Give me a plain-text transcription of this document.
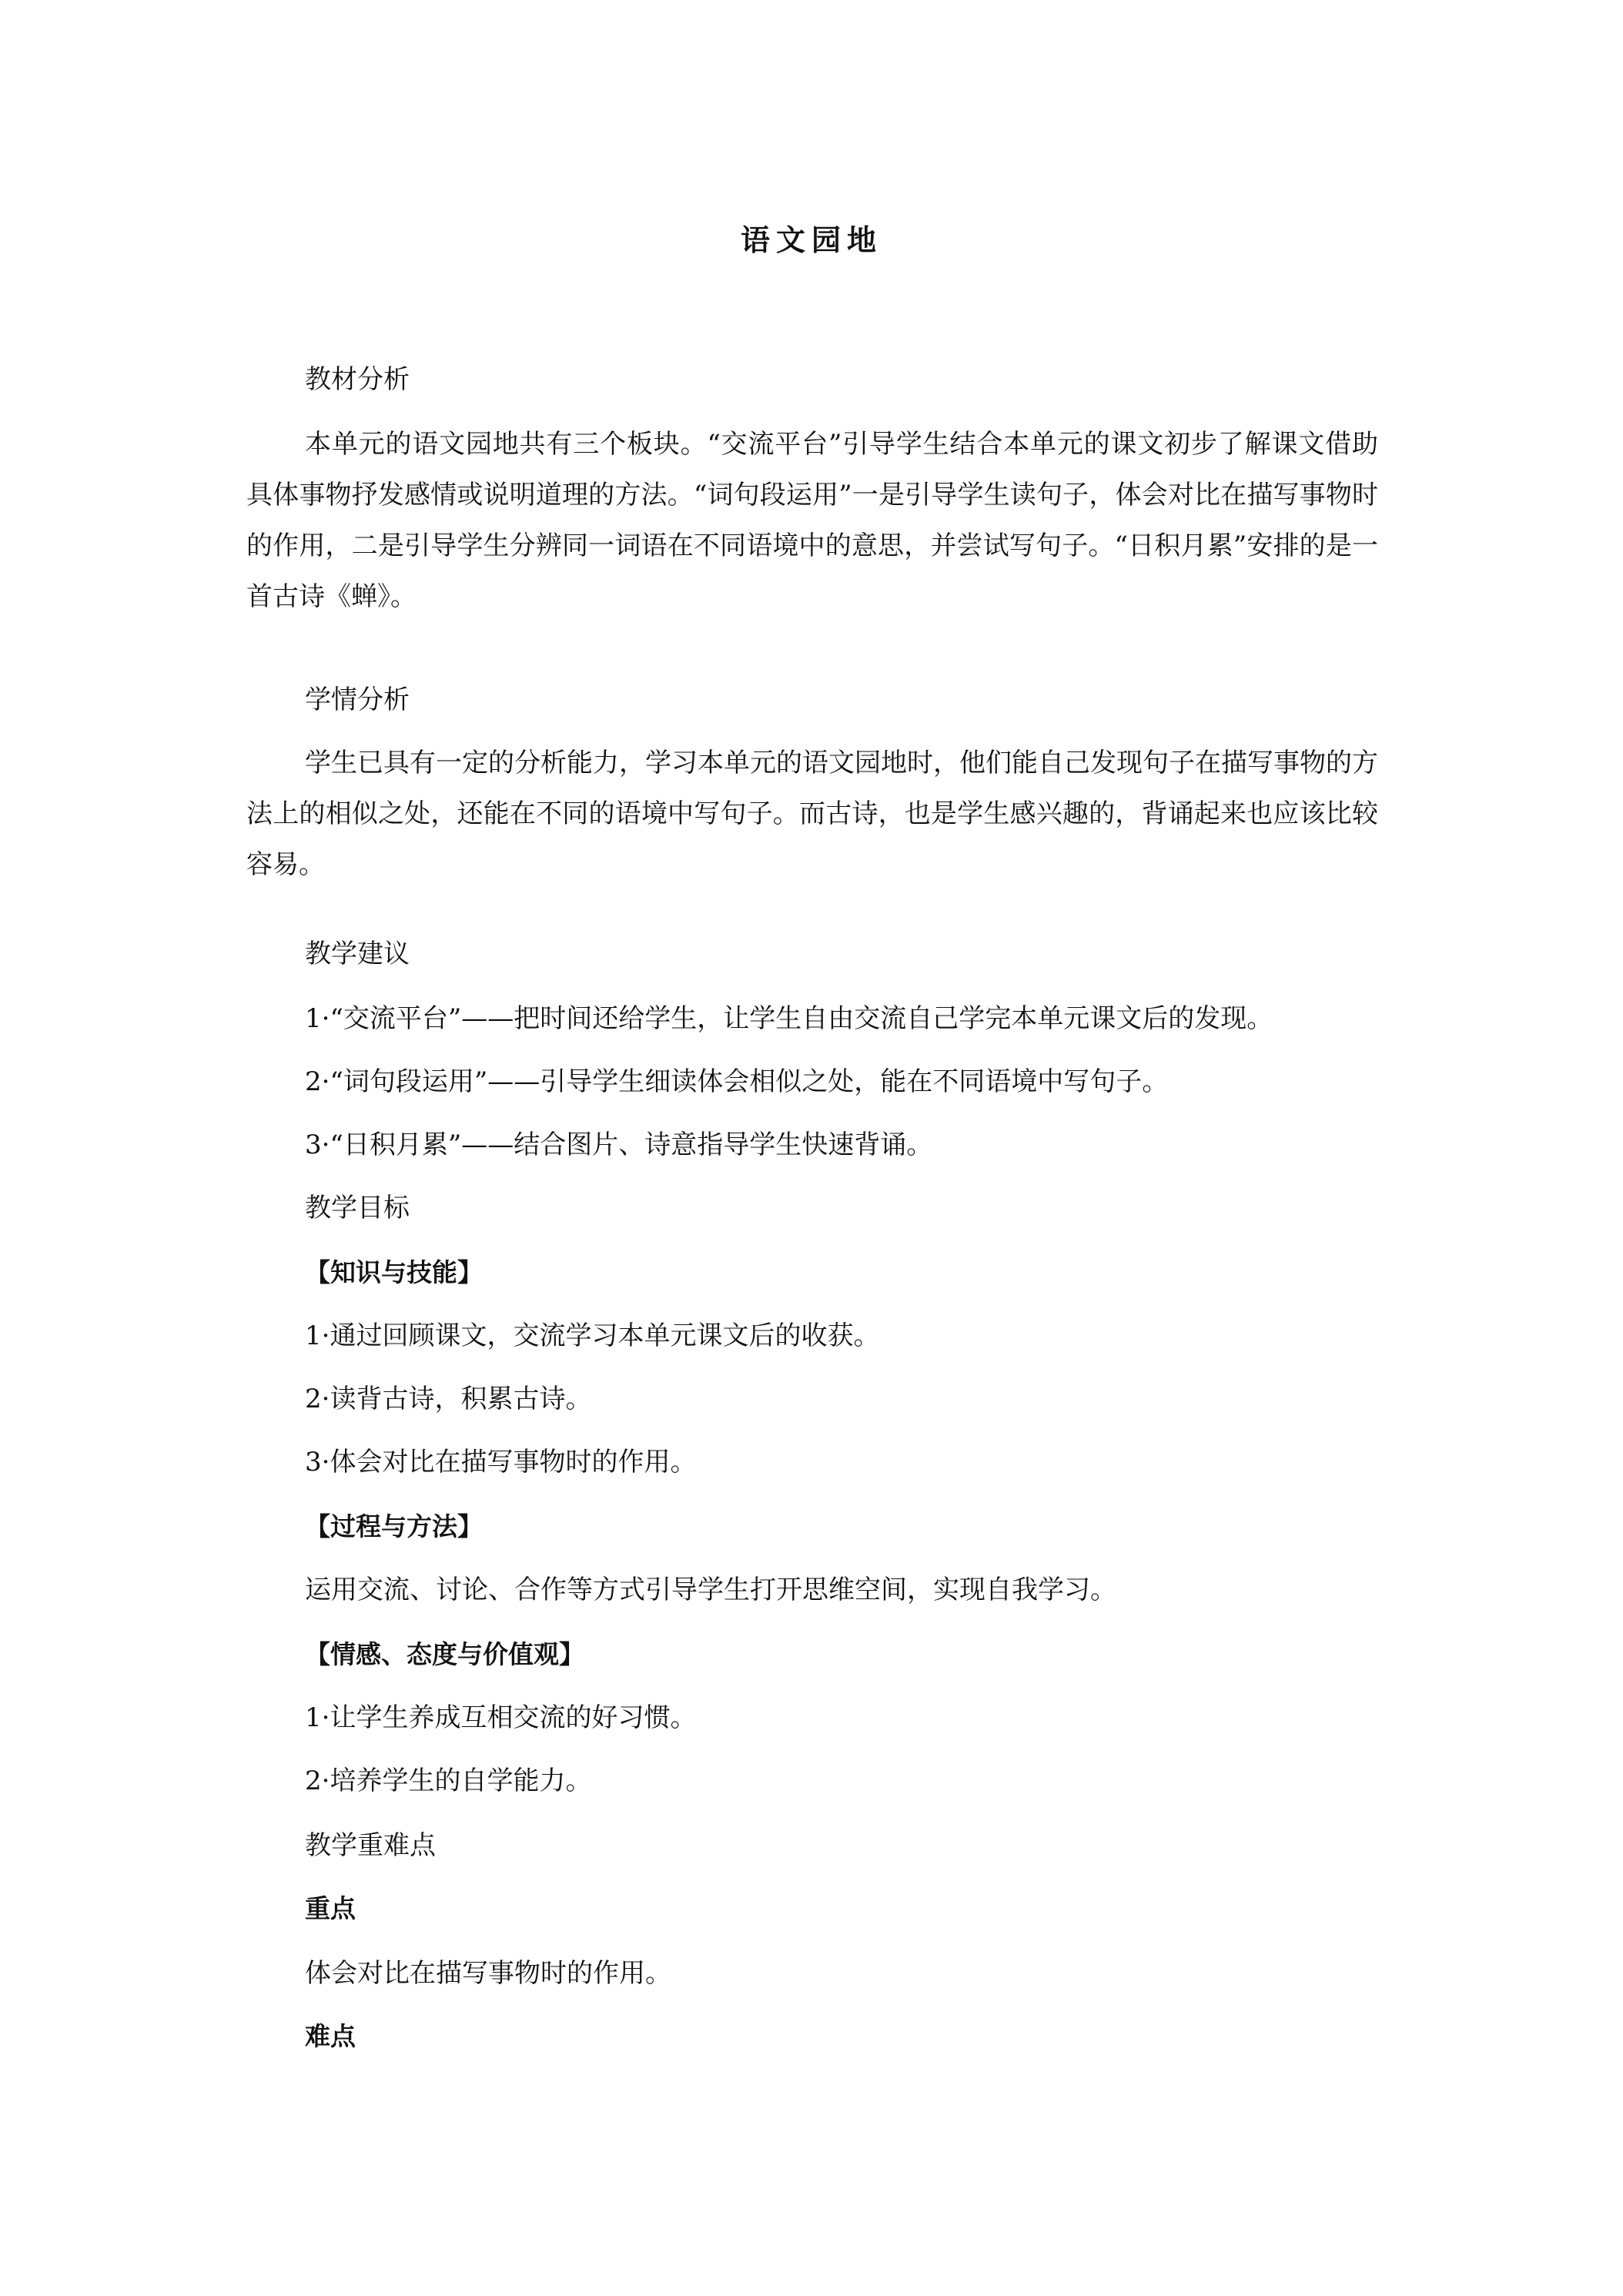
语文园地
教材分析
本单元的语文园地共有三个板块。“交流平台”引导学生结合本单元的课文初步了解课文借助具体事物抒发感情或说明道理的方法。“词句段运用”一是引导学生读句子，体会对比在描写事物时的作用，二是引导学生分辨同一词语在不同语境中的意思，并尝试写句子。“日积月累”安排的是一首古诗《蝉》。
学情分析
学生已具有一定的分析能力，学习本单元的语文园地时，他们能自己发现句子在描写事物的方法上的相似之处，还能在不同的语境中写句子。而古诗，也是学生感兴趣的，背诵起来也应该比较容易。
教学建议
1·“交流平台”——把时间还给学生，让学生自由交流自己学完本单元课文后的发现。
2·“词句段运用”——引导学生细读体会相似之处，能在不同语境中写句子。
3·“日积月累”——结合图片、诗意指导学生快速背诵。
教学目标
【知识与技能】
1·通过回顾课文，交流学习本单元课文后的收获。
2·读背古诗，积累古诗。
3·体会对比在描写事物时的作用。
【过程与方法】
运用交流、讨论、合作等方式引导学生打开思维空间，实现自我学习。
【情感、态度与价值观】
1·让学生养成互相交流的好习惯。
2·培养学生的自学能力。
教学重难点
重点
体会对比在描写事物时的作用。
难点
